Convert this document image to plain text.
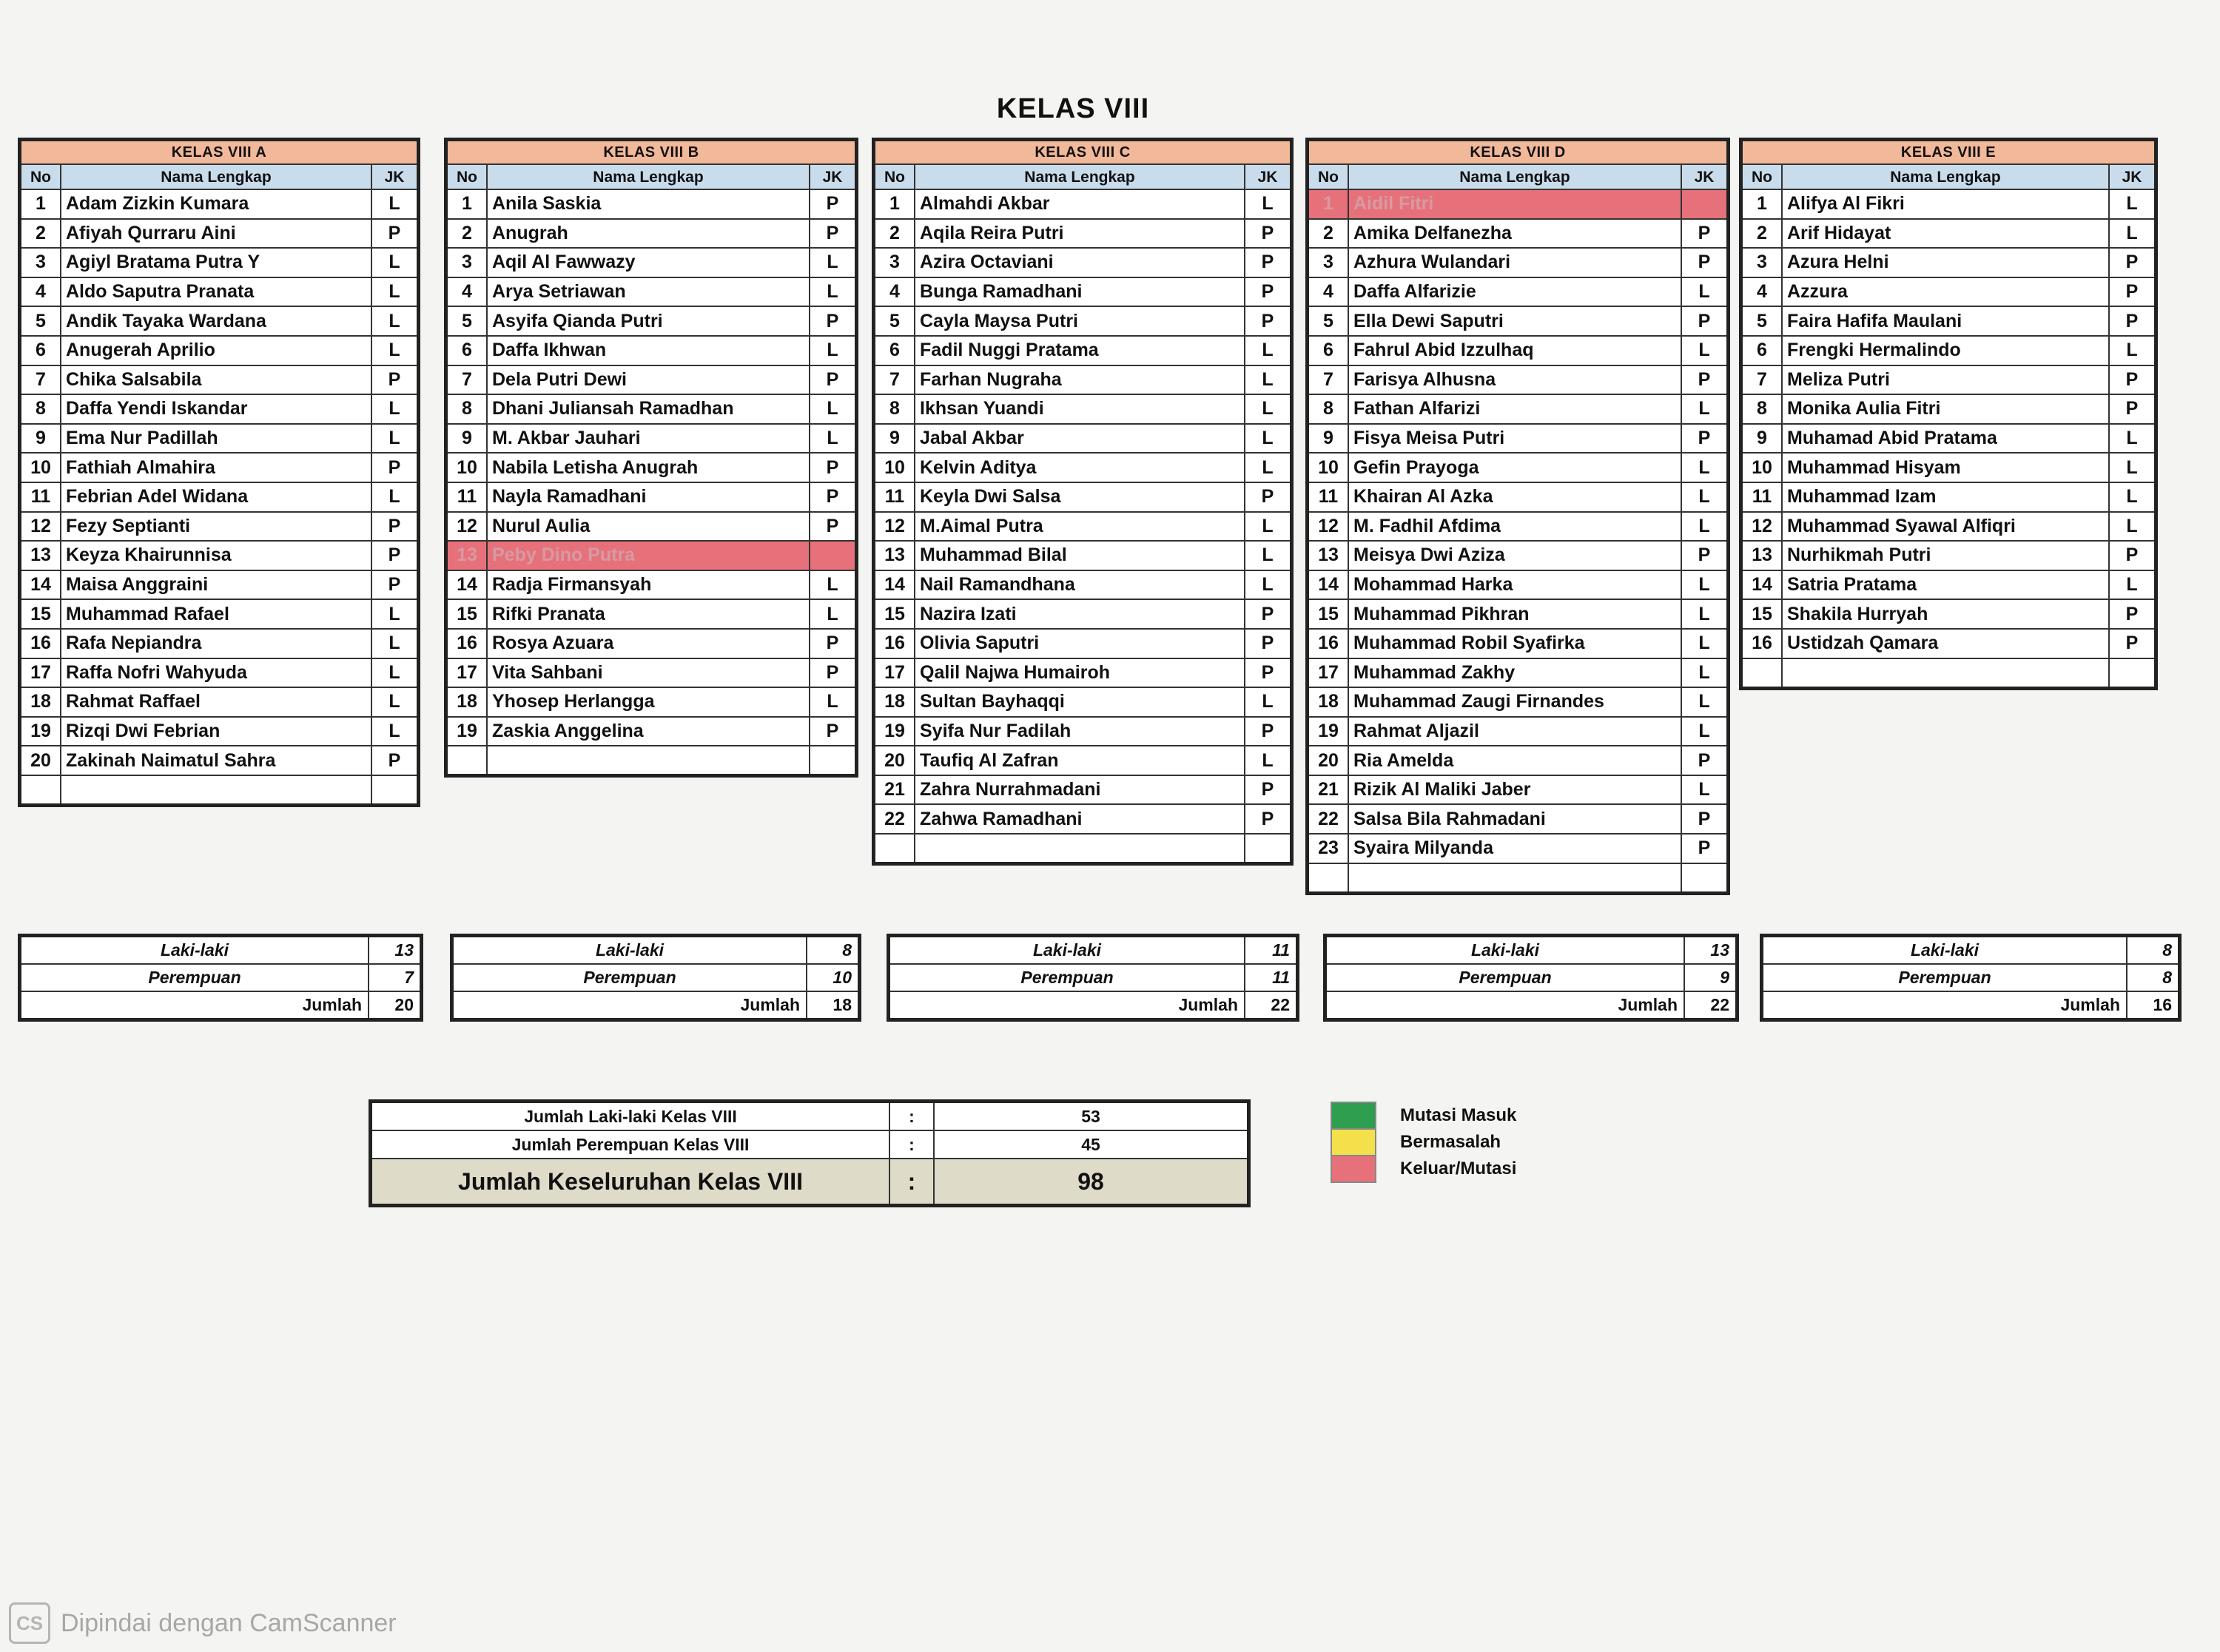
KELAS VIII
KELAS VIII A		
No	Nama Lengkap	JK
1	Adam Zizkin Kumara	L
2	Afiyah Qurraru Aini	P
3	Agiyl Bratama Putra Y	L
4	Aldo Saputra Pranata	L
5	Andik Tayaka Wardana	L
6	Anugerah Aprilio	L
7	Chika Salsabila	P
8	Daffa Yendi Iskandar	L
9	Ema Nur Padillah	L
10	Fathiah Almahira	P
11	Febrian Adel Widana	L
12	Fezy Septianti	P
13	Keyza Khairunnisa	P
14	Maisa Anggraini	P
15	Muhammad Rafael	L
16	Rafa Nepiandra	L
17	Raffa Nofri Wahyuda	L
18	Rahmat Raffael	L
19	Rizqi Dwi Febrian	L
20	Zakinah Naimatul Sahra	P

KELAS VIII B		
No	Nama Lengkap	JK
1	Anila Saskia	P
2	Anugrah	P
3	Aqil Al Fawwazy	L
4	Arya Setriawan	L
5	Asyifa Qianda Putri	P
6	Daffa Ikhwan	L
7	Dela Putri Dewi	P
8	Dhani Juliansah Ramadhan	L
9	M. Akbar Jauhari	L
10	Nabila Letisha Anugrah	P
11	Nayla Ramadhani	P
12	Nurul Aulia	P
13	Peby Dino Putra	
14	Radja Firmansyah	L
15	Rifki Pranata	L
16	Rosya Azuara	P
17	Vita Sahbani	P
18	Yhosep Herlangga	L
19	Zaskia Anggelina	P

KELAS VIII C		
No	Nama Lengkap	JK
1	Almahdi Akbar	L
2	Aqila Reira Putri	P
3	Azira Octaviani	P
4	Bunga Ramadhani	P
5	Cayla Maysa Putri	P
6	Fadil Nuggi Pratama	L
7	Farhan Nugraha	L
8	Ikhsan Yuandi	L
9	Jabal Akbar	L
10	Kelvin Aditya	L
11	Keyla Dwi Salsa	P
12	M.Aimal Putra	L
13	Muhammad Bilal	L
14	Nail Ramandhana	L
15	Nazira Izati	P
16	Olivia Saputri	P
17	Qalil Najwa Humairoh	P
18	Sultan Bayhaqqi	L
19	Syifa Nur Fadilah	P
20	Taufiq Al Zafran	L
21	Zahra Nurrahmadani	P
22	Zahwa Ramadhani	P

KELAS VIII D		
No	Nama Lengkap	JK
1	Aidil Fitri	
2	Amika Delfanezha	P
3	Azhura Wulandari	P
4	Daffa Alfarizie	L
5	Ella Dewi Saputri	P
6	Fahrul Abid Izzulhaq	L
7	Farisya Alhusna	P
8	Fathan Alfarizi	L
9	Fisya Meisa Putri	P
10	Gefin Prayoga	L
11	Khairan Al Azka	L
12	M. Fadhil Afdima	L
13	Meisya Dwi Aziza	P
14	Mohammad Harka	L
15	Muhammad Pikhran	L
16	Muhammad Robil Syafirka	L
17	Muhammad Zakhy	L
18	Muhammad Zaugi Firnandes	L
19	Rahmat Aljazil	L
20	Ria Amelda	P
21	Rizik Al Maliki Jaber	L
22	Salsa Bila Rahmadani	P
23	Syaira Milyanda	P

KELAS VIII E		
No	Nama Lengkap	JK
1	Alifya Al Fikri	L
2	Arif Hidayat	L
3	Azura Helni	P
4	Azzura	P
5	Faira Hafifa Maulani	P
6	Frengki Hermalindo	L
7	Meliza Putri	P
8	Monika Aulia Fitri	P
9	Muhamad Abid Pratama	L
10	Muhammad Hisyam	L
11	Muhammad Izam	L
12	Muhammad Syawal Alfiqri	L
13	Nurhikmah Putri	P
14	Satria Pratama	L
15	Shakila Hurryah	P
16	Ustidzah Qamara	P

Laki-laki	13
Perempuan	7
Jumlah	20
Laki-laki	8
Perempuan	10
Jumlah	18
Laki-laki	11
Perempuan	11
Jumlah	22
Laki-laki	13
Perempuan	9
Jumlah	22
Laki-laki	8
Perempuan	8
Jumlah	16
Jumlah Laki-laki Kelas VIII	:	53
Jumlah Perempuan Kelas VIII	:	45
Jumlah Keseluruhan Kelas VIII	:	98
Mutasi Masuk
Bermasalah
Keluar/Mutasi
CS Dipindai dengan CamScanner
